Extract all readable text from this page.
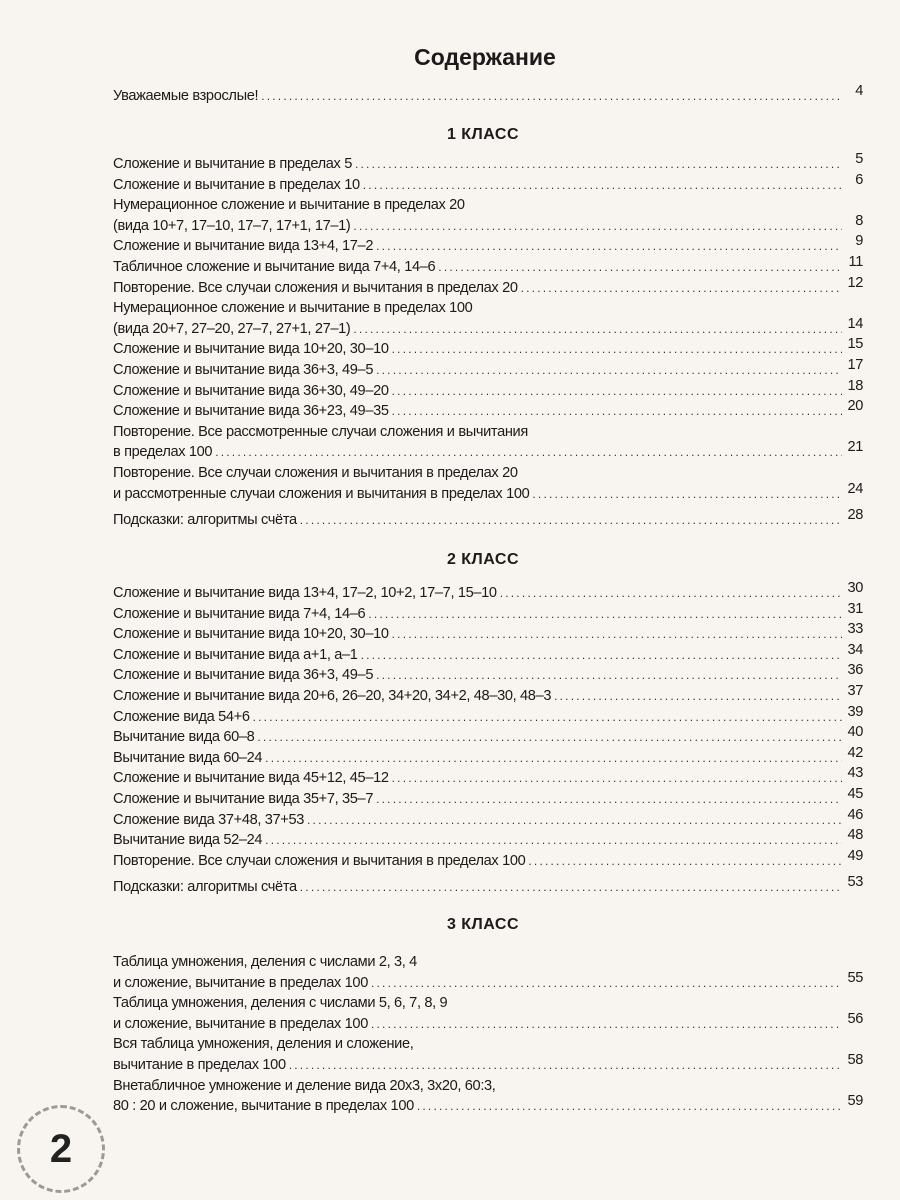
Содержание
Уважаемые взрослые! .....	4
1 КЛАСС
Сложение и вычитание в пределах 5 .....	5
Сложение и вычитание в пределах 10 .....	6
Нумерационное сложение и вычитание в пределах 20
(вида 10+7, 17–10, 17–7, 17+1, 17–1) .....	8
Сложение и вычитание вида 13+4, 17–2 .....	9
Табличное сложение и вычитание вида 7+4, 14–6 .....	11
Повторение. Все случаи сложения и вычитания в пределах 20 .....	12
Нумерационное сложение и вычитание в пределах 100
(вида 20+7, 27–20, 27–7, 27+1, 27–1) .....	14
Сложение и вычитание вида 10+20, 30–10 .....	15
Сложение и вычитание вида 36+3, 49–5 .....	17
Сложение и вычитание вида 36+30, 49–20 .....	18
Сложение и вычитание вида 36+23, 49–35 .....	20
Повторение. Все рассмотренные случаи сложения и вычитания
в пределах 100 .....	21
Повторение. Все случаи сложения и вычитания в пределах 20
и рассмотренные случаи сложения и вычитания в пределах 100 .....	24
Подсказки: алгоритмы счёта .....	28
2 КЛАСС
Сложение и вычитание вида 13+4, 17–2, 10+2, 17–7, 15–10 .....	30
Сложение и вычитание вида 7+4, 14–6 .....	31
Сложение и вычитание вида 10+20, 30–10 .....	33
Сложение и вычитание вида a+1, a–1 .....	34
Сложение и вычитание вида 36+3, 49–5 .....	36
Сложение и вычитание вида 20+6, 26–20, 34+20, 34+2, 48–30, 48–3 .....	37
Сложение вида 54+6 .....	39
Вычитание вида 60–8 .....	40
Вычитание вида 60–24 .....	42
Сложение и вычитание вида 45+12, 45–12 .....	43
Сложение и вычитание вида 35+7, 35–7 .....	45
Сложение вида 37+48, 37+53 .....	46
Вычитание вида 52–24 .....	48
Повторение. Все случаи сложения и вычитания в пределах 100 .....	49
Подсказки: алгоритмы счёта .....	53
3 КЛАСС
Таблица умножения, деления с числами 2, 3, 4
и сложение, вычитание в пределах 100 .....	55
Таблица умножения, деления с числами 5, 6, 7, 8, 9
и сложение, вычитание в пределах 100 .....	56
Вся таблица умножения, деления и сложение,
вычитание в пределах 100 .....	58
Внетабличное умножение и деление вида 20x3, 3x20, 60:3,
80 : 20 и сложение, вычитание в пределах 100 .....	59
2
